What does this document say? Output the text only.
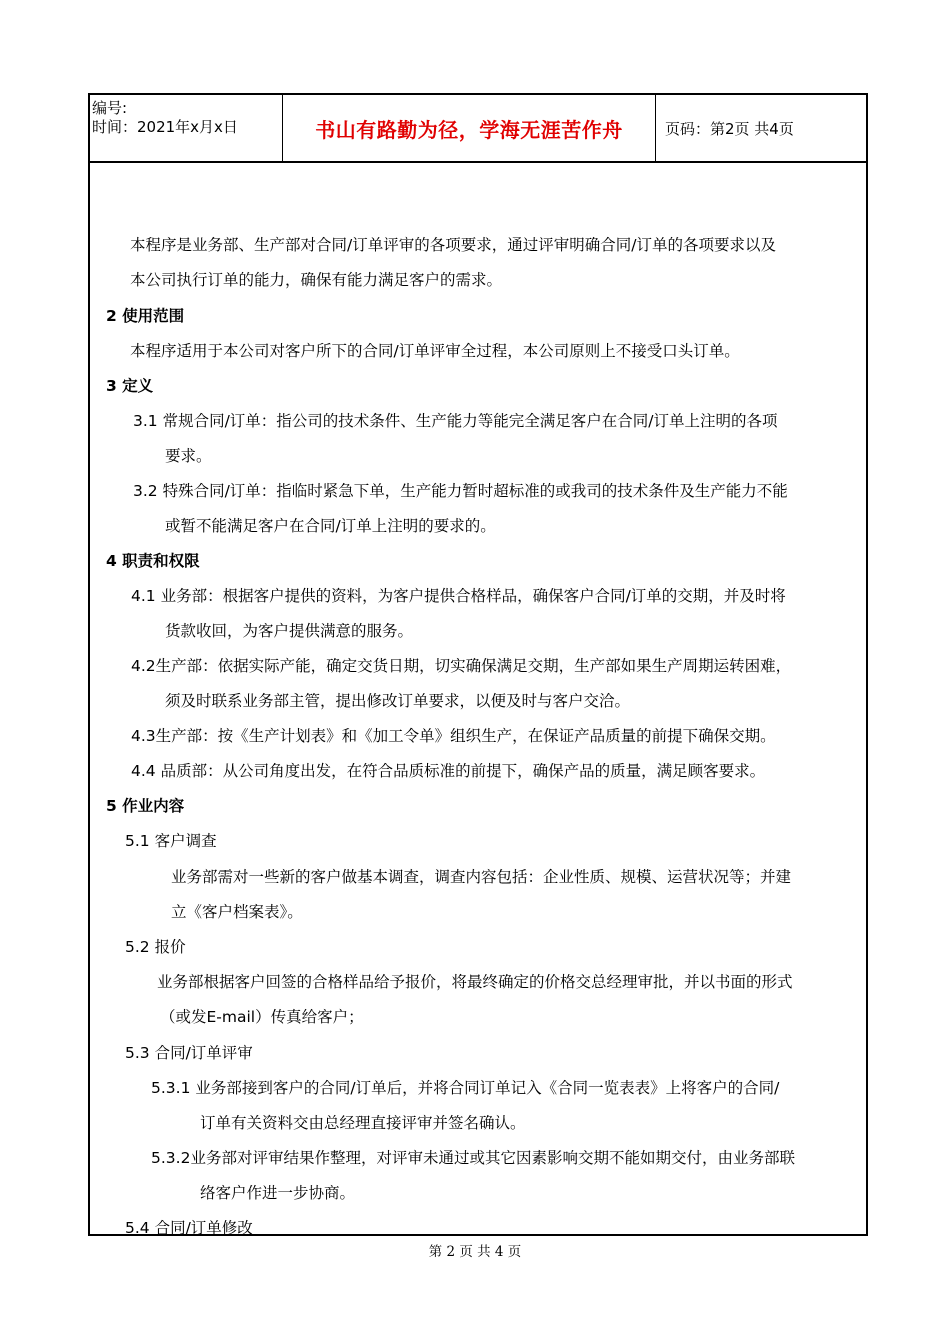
编号:
时间：2021年x月x日	书山有路勤为径，学海无涯苦作舟	页码：第2页 共4页
本程序是业务部、生产部对合同/订单评审的各项要求，通过评审明确合同/订单的各项要求以及
本公司执行订单的能力，确保有能力满足客户的需求。
2 使用范围
本程序适用于本公司对客户所下的合同/订单评审全过程，本公司原则上不接受口头订单。
3 定义
3.1 常规合同/订单：指公司的技术条件、生产能力等能完全满足客户在合同/订单上注明的各项
要求。
3.2 特殊合同/订单：指临时紧急下单，生产能力暂时超标准的或我司的技术条件及生产能力不能
或暂不能满足客户在合同/订单上注明的要求的。
4 职责和权限
4.1 业务部：根据客户提供的资料，为客户提供合格样品，确保客户合同/订单的交期，并及时将
货款收回，为客户提供满意的服务。
4.2生产部：依据实际产能，确定交货日期，切实确保满足交期，生产部如果生产周期运转困难，
须及时联系业务部主管，提出修改订单要求，以便及时与客户交洽。
4.3生产部：按《生产计划表》和《加工令单》组织生产，在保证产品质量的前提下确保交期。
4.4 品质部：从公司角度出发，在符合品质标准的前提下，确保产品的质量，满足顾客要求。
5 作业内容
5.1 客户调查
业务部需对一些新的客户做基本调查，调查内容包括：企业性质、规模、运营状况等；并建
立《客户档案表》。
5.2 报价
业务部根据客户回签的合格样品给予报价，将最终确定的价格交总经理审批，并以书面的形式
（或发E-mail）传真给客户；
5.3 合同/订单评审
5.3.1 业务部接到客户的合同/订单后，并将合同订单记入《合同一览表表》上将客户的合同/
订单有关资料交由总经理直接评审并签名确认。
5.3.2业务部对评审结果作整理，对评审未通过或其它因素影响交期不能如期交付，由业务部联
络客户作进一步协商。
5.4 合同/订单修改
第 2 页 共 4 页
